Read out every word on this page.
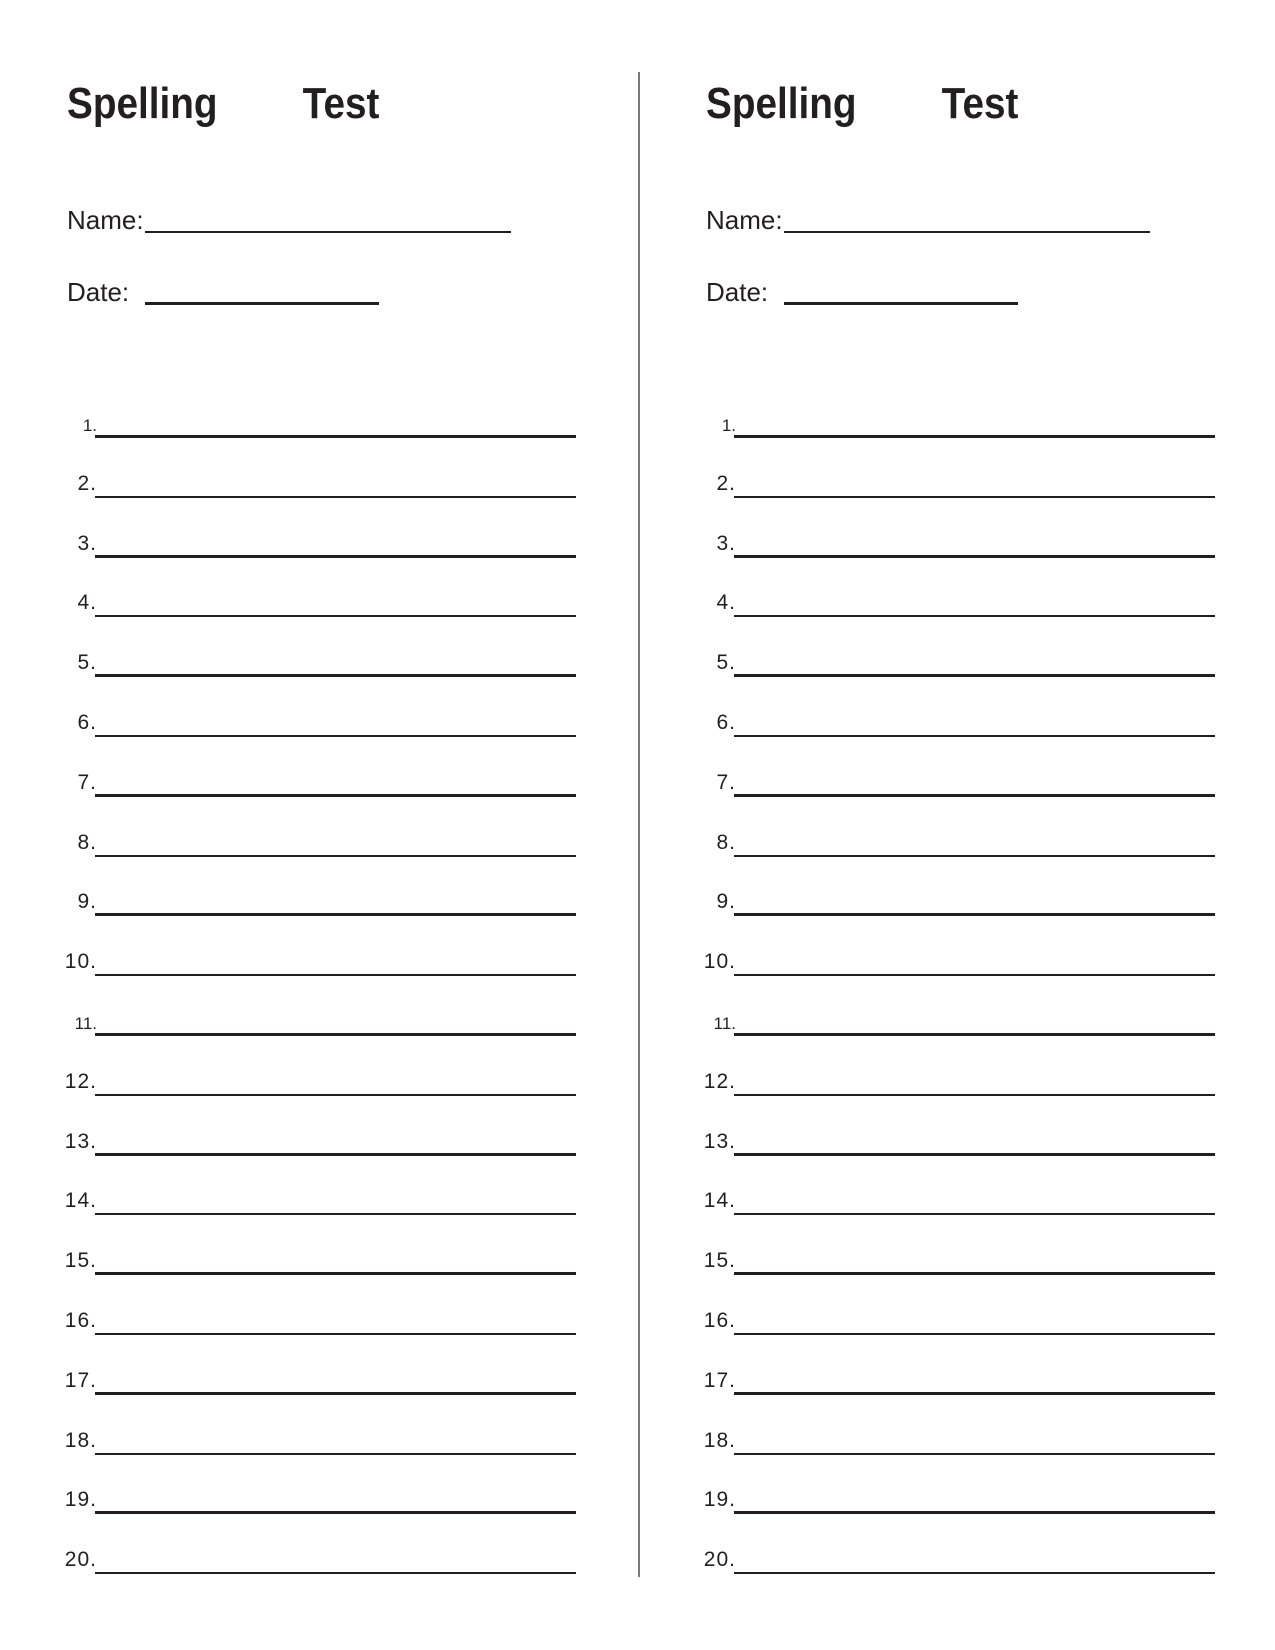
Spelling   Test
Name:
Date:
1.
2.
3.
4.
5.
6.
7.
8.
9.
10.
11.
12.
13.
14.
15.
16.
17.
18.
19.
20.
Spelling   Test
Name:
Date:
1.
2.
3.
4.
5.
6.
7.
8.
9.
10.
11.
12.
13.
14.
15.
16.
17.
18.
19.
20.
